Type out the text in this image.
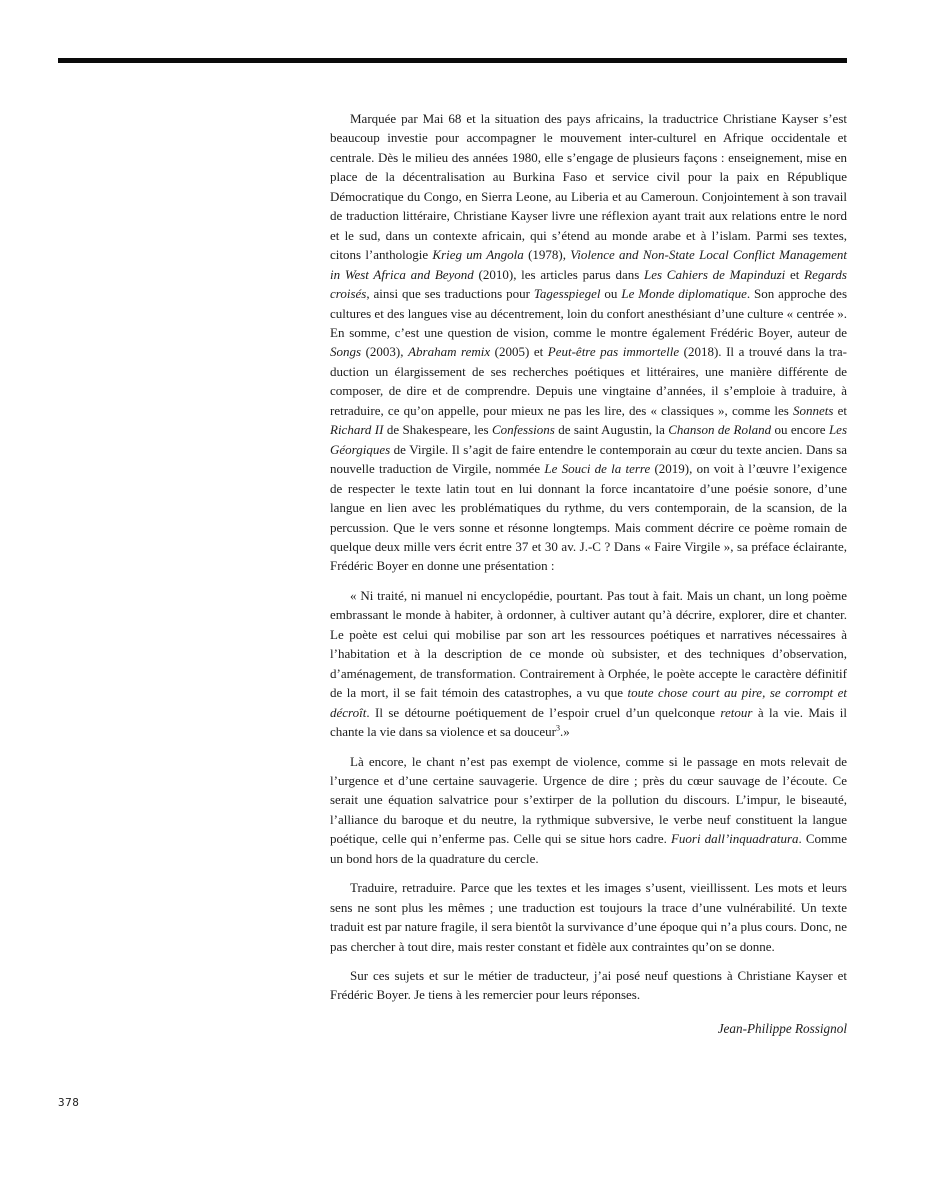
Marquée par Mai 68 et la situation des pays africains, la traductrice Christiane Kayser s’est beaucoup investie pour accompagner le mouvement inter-culturel en Afrique occidentale et centrale. Dès le milieu des années 1980, elle s’engage de plusieurs façons : enseignement, mise en place de la décentralisation au Burkina Faso et service civil pour la paix en République Démocratique du Congo, en Sierra Leone, au Liberia et au Cameroun. Conjointement à son travail de traduction littéraire, Christiane Kayser livre une réflexion ayant trait aux relations entre le nord et le sud, dans un contexte africain, qui s’étend au monde arabe et à l’islam. Parmi ses textes, citons l’anthologie Krieg um Angola (1978), Violence and Non-State Local Conflict Management in West Africa and Beyond (2010), les articles parus dans Les Cahiers de Mapinduzi et Regards croisés, ainsi que ses traductions pour Tagesspiegel ou Le Monde diplomatique. Son approche des cultures et des langues vise au décentrement, loin du confort anesthésiant d’une culture « centrée ». En somme, c’est une question de vision, comme le montre également Frédéric Boyer, auteur de Songs (2003), Abraham remix (2005) et Peut-être pas immortelle (2018). Il a trouvé dans la traduction un élargissement de ses recherches poétiques et littéraires, une manière différente de composer, de dire et de comprendre. Depuis une vingtaine d’années, il s’emploie à traduire, à retraduire, ce qu’on appelle, pour mieux ne pas les lire, des « classiques », comme les Sonnets et Richard II de Shakespeare, les Confessions de saint Augustin, la Chanson de Roland ou encore Les Géorgiques de Virgile. Il s’agit de faire entendre le contemporain au cœur du texte ancien. Dans sa nouvelle traduction de Virgile, nommée Le Souci de la terre (2019), on voit à l’œuvre l’exigence de respecter le texte latin tout en lui donnant la force incantatoire d’une poésie sonore, d’une langue en lien avec les problématiques du rythme, du vers contemporain, de la scansion, de la percussion. Que le vers sonne et résonne longtemps. Mais comment décrire ce poème romain de quelque deux mille vers écrit entre 37 et 30 av. J.-C ? Dans « Faire Virgile », sa préface éclairante, Frédéric Boyer en donne une présentation :

« Ni traité, ni manuel ni encyclopédie, pourtant. Pas tout à fait. Mais un chant, un long poème embrassant le monde à habiter, à ordonner, à cultiver autant qu’à décrire, explorer, dire et chanter. Le poète est celui qui mobilise par son art les ressources poétiques et narratives nécessaires à l’habitation et à la description de ce monde où subsister, et des techniques d’observation, d’aménagement, de transformation. Contrairement à Orphée, le poète accepte le caractère définitif de la mort, il se fait témoin des catastrophes, a vu que toute chose court au pire, se corrompt et décroît. Il se détourne poétiquement de l’espoir cruel d’un quelconque retour à la vie. Mais il chante la vie dans sa violence et sa douceur$^3$.»

Là encore, le chant n’est pas exempt de violence, comme si le passage en mots relevait de l’urgence et d’une certaine sauvagerie. Urgence de dire ; près du cœur sauvage de l’écoute. Ce serait une équation salvatrice pour s’extirper de la pollution du discours. L’impur, le biseauté, l’alliance du baroque et du neutre, la rythmique subversive, le verbe neuf constituent la langue poétique, celle qui n’enferme pas. Celle qui se situe hors cadre. Fuori dall’inquadratura. Comme un bond hors de la quadrature du cercle.

Traduire, retraduire. Parce que les textes et les images s’usent, vieillissent. Les mots et leurs sens ne sont plus les mêmes ; une traduction est toujours la trace d’une vulnérabilité. Un texte traduit est par nature fragile, il sera bientôt la survivance d’une époque qui n’a plus cours. Donc, ne pas chercher à tout dire, mais rester constant et fidèle aux contraintes qu’on se donne.

Sur ces sujets et sur le métier de traducteur, j’ai posé neuf questions à Christiane Kayser et Frédéric Boyer. Je tiens à les remercier pour leurs réponses.

Jean-Philippe Rossignol

378
